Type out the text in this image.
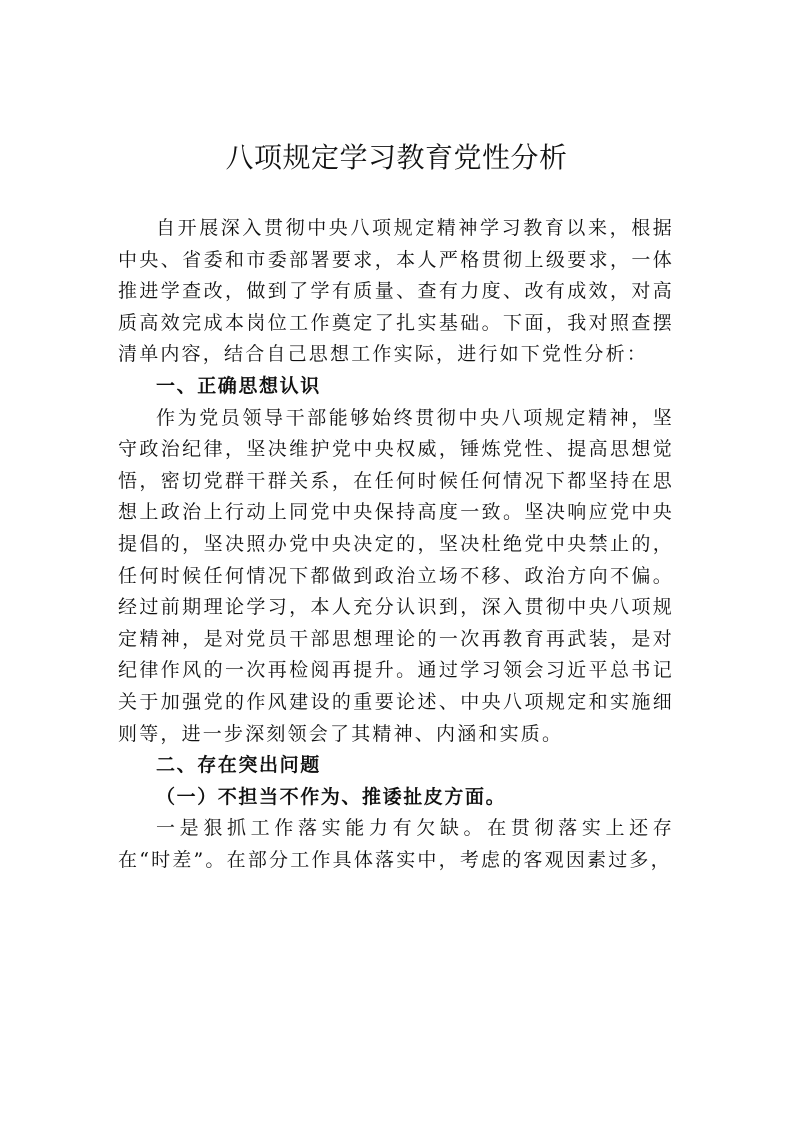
八项规定学习教育党性分析

自开展深入贯彻中央八项规定精神学习教育以来，根据中央、省委和市委部署要求，本人严格贯彻上级要求，一体推进学查改，做到了学有质量、查有力度、改有成效，对高质高效完成本岗位工作奠定了扎实基础。下面，我对照查摆清单内容，结合自己思想工作实际，进行如下党性分析：

一、正确思想认识

作为党员领导干部能够始终贯彻中央八项规定精神，坚守政治纪律，坚决维护党中央权威，锤炼党性、提高思想觉悟，密切党群干群关系，在任何时候任何情况下都坚持在思想上政治上行动上同党中央保持高度一致。坚决响应党中央提倡的，坚决照办党中央决定的，坚决杜绝党中央禁止的，任何时候任何情况下都做到政治立场不移、政治方向不偏。经过前期理论学习，本人充分认识到，深入贯彻中央八项规定精神，是对党员干部思想理论的一次再教育再武装，是对纪律作风的一次再检阅再提升。通过学习领会习近平总书记关于加强党的作风建设的重要论述、中央八项规定和实施细则等，进一步深刻领会了其精神、内涵和实质。

二、存在突出问题

（一）不担当不作为、推诿扯皮方面。

一是狠抓工作落实能力有欠缺。在贯彻落实上还存在“时差”。在部分工作具体落实中，考虑的客观因素过多，
